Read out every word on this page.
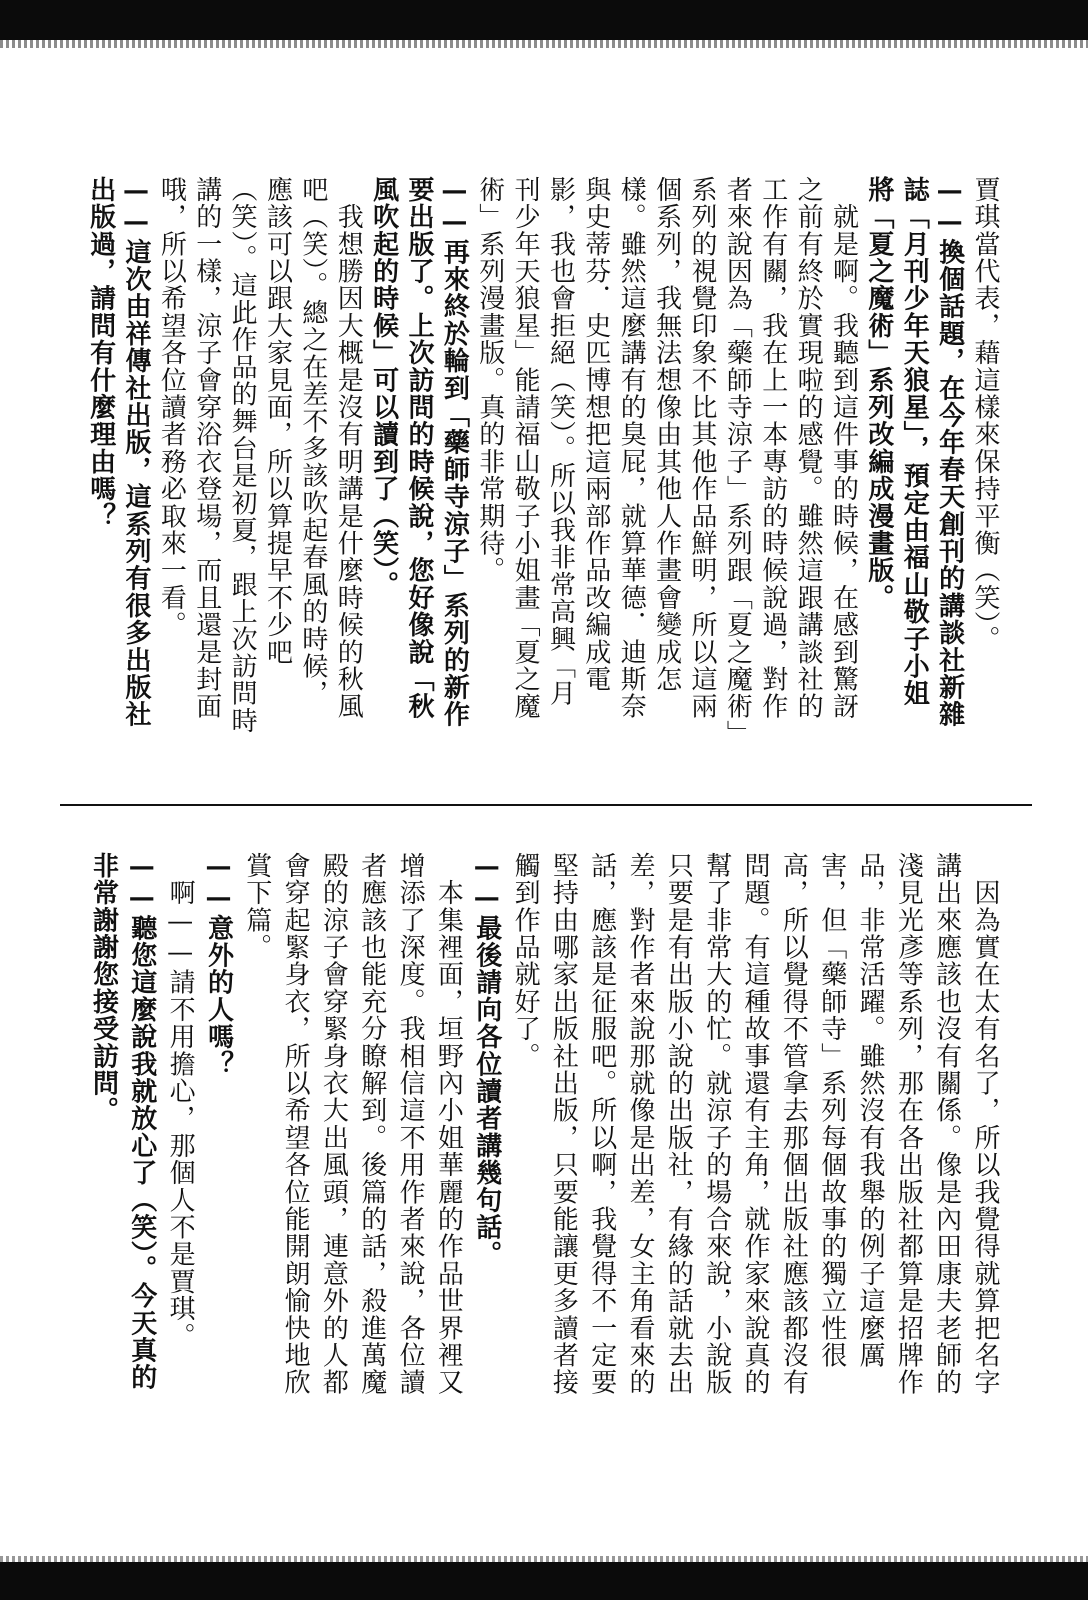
賈琪當代表，藉這樣來保持平衡（笑）。
——換個話題，在今年春天創刊的講談社新雜
誌「月刊少年天狼星」，預定由福山敬子小姐
將「夏之魔術」系列改編成漫畫版。
　就是啊。我聽到這件事的時候，在感到驚訝
之前有終於實現啦的感覺。雖然這跟講談社的
工作有關，我在上一本專訪的時候說過，對作
者來說因為「藥師寺涼子」系列跟「夏之魔術」
系列的視覺印象不比其他作品鮮明，所以這兩
個系列，我無法想像由其他人作畫會變成怎
樣。雖然這麼講有的臭屁，就算華德．迪斯奈
與史蒂芬．史匹博想把這兩部作品改編成電
影，我也會拒絕（笑）。所以我非常高興「月
刊少年天狼星」能請福山敬子小姐畫「夏之魔
術」系列漫畫版。真的非常期待。
——再來終於輪到「藥師寺涼子」系列的新作
要出版了。上次訪問的時候說，您好像說「秋
風吹起的時候」可以讀到了（笑）。
　我想勝因大概是沒有明講是什麼時候的秋風
吧（笑）。總之在差不多該吹起春風的時候，
應該可以跟大家見面，所以算提早不少吧
（笑）。這此作品的舞台是初夏，跟上次訪問時
講的一樣，涼子會穿浴衣登場，而且還是封面
哦，所以希望各位讀者務必取來一看。
——這次由祥傳社出版，這系列有很多出版社
出版過，請問有什麼理由嗎？
　因為實在太有名了，所以我覺得就算把名字
講出來應該也沒有關係。像是內田康夫老師的
淺見光彥等系列，那在各出版社都算是招牌作
品，非常活躍。雖然沒有我舉的例子這麼厲
害，但「藥師寺」系列每個故事的獨立性很
高，所以覺得不管拿去那個出版社應該都沒有
問題。有這種故事還有主角，就作家來說真的
幫了非常大的忙。就涼子的場合來說，小說版
只要是有出版小說的出版社，有緣的話就去出
差，對作者來說那就像是出差，女主角看來的
話，應該是征服吧。所以啊，我覺得不一定要
堅持由哪家出版社出版，只要能讓更多讀者接
觸到作品就好了。
——最後請向各位讀者講幾句話。
　本集裡面，垣野內小姐華麗的作品世界裡又
增添了深度。我相信這不用作者來說，各位讀
者應該也能充分瞭解到。後篇的話，殺進萬魔
殿的涼子會穿緊身衣大出風頭，連意外的人都
會穿起緊身衣，所以希望各位能開朗愉快地欣
賞下篇。
——意外的人嗎？
　啊——請不用擔心，那個人不是賈琪。
——聽您這麼說我就放心了（笑）。今天真的
非常謝謝您接受訪問。
